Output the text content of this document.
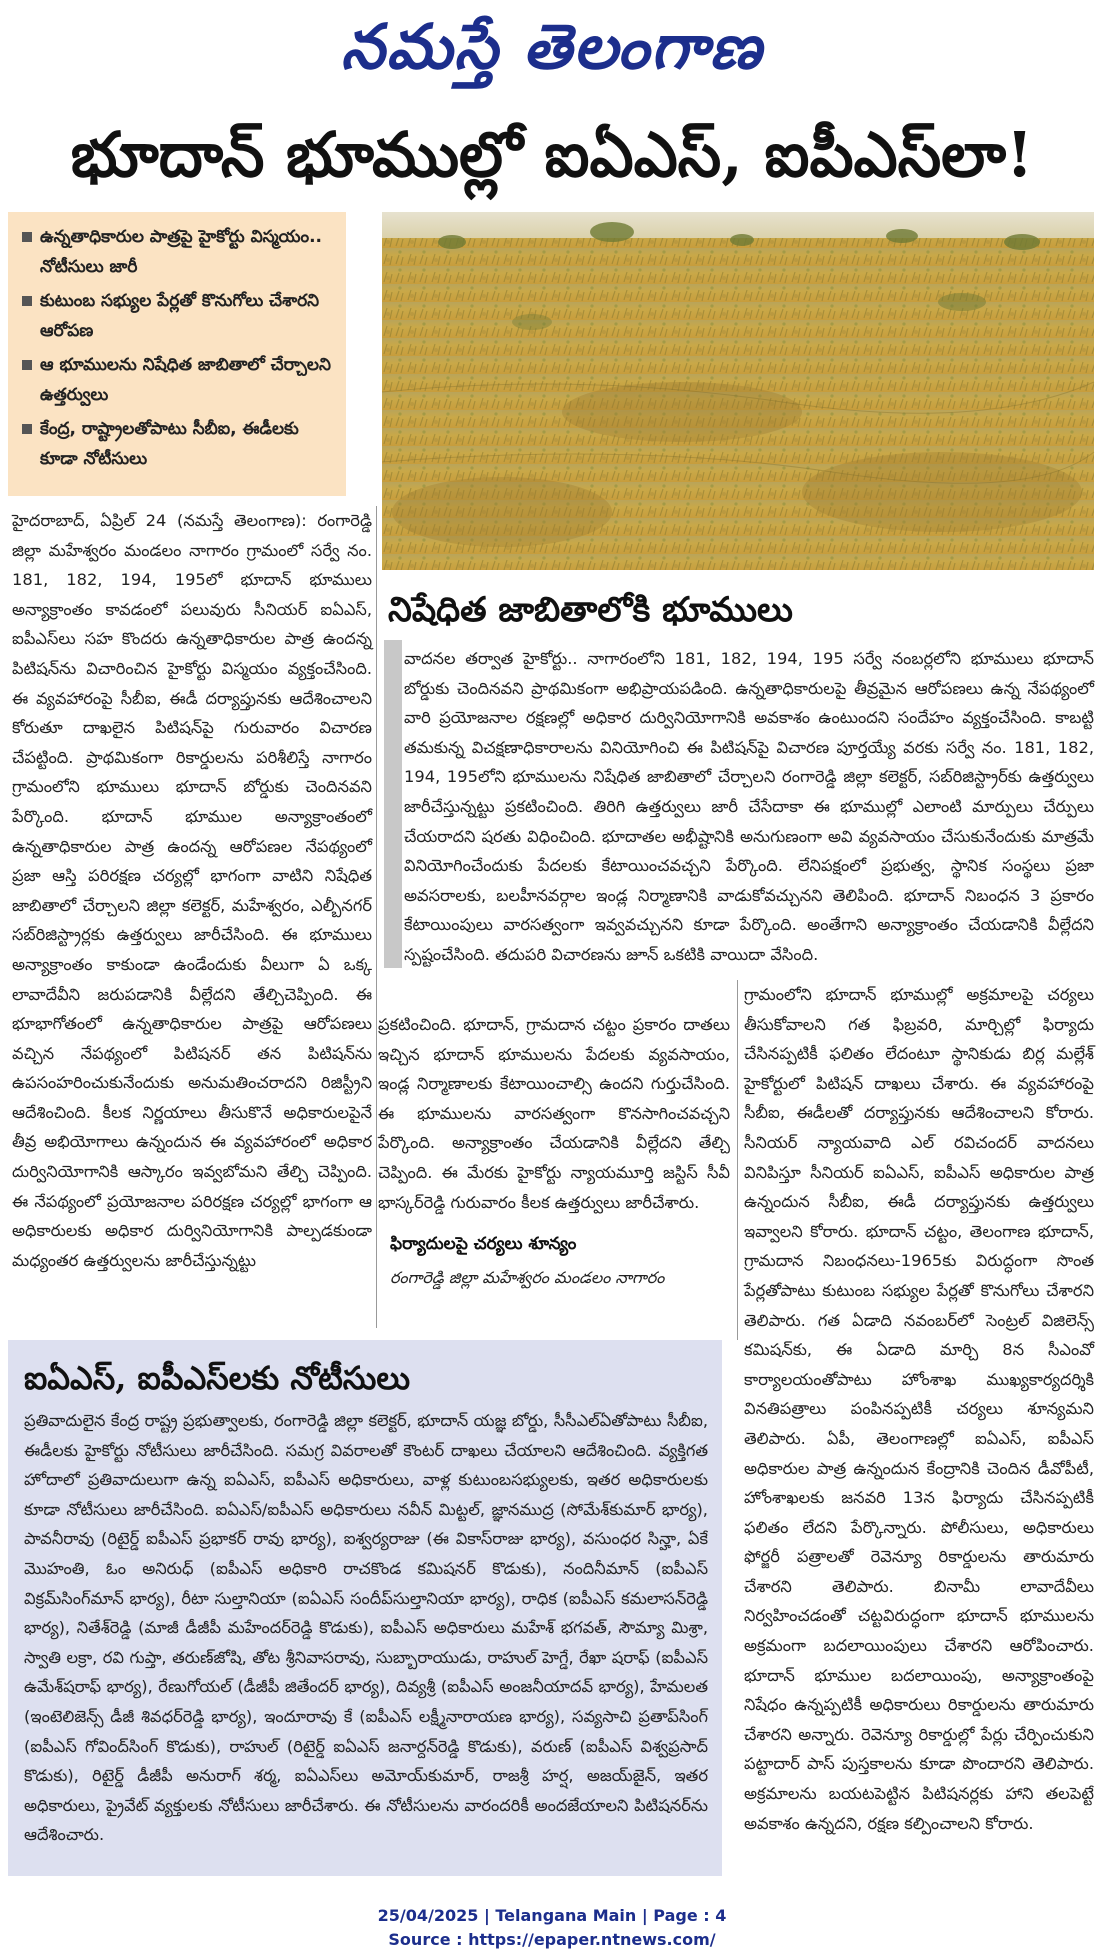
నమస్తే తెలంగాణ
భూదాన్ భూముల్లో ఐఏఎస్, ఐపీఎస్‌లా!
ఉన్నతాధికారుల పాత్రపై హైకోర్టు విస్మయం.. నోటీసులు జారీ
కుటుంబ సభ్యుల పేర్లతో కొనుగోలు చేశారని ఆరోపణ
ఆ భూములను నిషేధిత జాబితాలో చేర్చాలని ఉత్తర్వులు
కేంద్ర, రాష్ట్రాలతోపాటు సీబీఐ, ఈడీలకు కూడా నోటీసులు
హైదరాబాద్, ఏప్రిల్ 24 (నమస్తే తెలంగాణ): రంగారెడ్డి జిల్లా మహేశ్వరం మండలం నాగారం గ్రామంలో సర్వే నం. 181, 182, 194, 195లో భూదాన్ భూములు అన్యాక్రాంతం కావడంలో పలువురు సీనియర్ ఐఏఎస్, ఐపీఎస్‌లు సహ కొందరు ఉన్నతాధికారుల పాత్ర ఉందన్న పిటిషన్‌ను విచారించిన హైకోర్టు విస్మయం వ్యక్తంచేసింది. ఈ వ్యవహారంపై సీబీఐ, ఈడీ దర్యాప్తునకు ఆదేశించాలని కోరుతూ దాఖలైన పిటిషన్‌పై గురువారం విచారణ చేపట్టింది. ప్రాథమికంగా రికార్డులను పరిశీలిస్తే నాగారం గ్రామంలోని భూములు భూదాన్ బోర్డుకు చెందినవని పేర్కొంది. భూదాన్ భూముల అన్యాక్రాంతంలో ఉన్నతాధికారుల పాత్ర ఉందన్న ఆరోపణల నేపథ్యంలో ప్రజా ఆస్తి పరిరక్షణ చర్యల్లో భాగంగా వాటిని నిషేధిత జాబితాలో చేర్చాలని జిల్లా కలెక్టర్, మహేశ్వరం, ఎల్బీనగర్ సబ్‌రిజిస్ట్రార్లకు ఉత్తర్వులు జారీచేసింది. ఈ భూములు అన్యాక్రాంతం కాకుండా ఉండేందుకు వీలుగా ఏ ఒక్క లావాదేవీని జరుపడానికి వీల్లేదని తేల్చిచెప్పింది. ఈ భూభాగోతంలో ఉన్నతాధికారుల పాత్రపై ఆరోపణలు వచ్చిన నేపథ్యంలో పిటిషనర్ తన పిటిషన్‌ను ఉపసంహరించుకునేందుకు అనుమతించరాదని రిజిస్ట్రీని ఆదేశించింది. కీలక నిర్ణయాలు తీసుకొనే అధికారులపైనే తీవ్ర అభియోగాలు ఉన్నందున ఈ వ్యవహారంలో అధికార దుర్వినియోగానికి ఆస్కారం ఇవ్వబోమని తేల్చి చెప్పింది. ఈ నేపథ్యంలో ప్రయోజనాల పరిరక్షణ చర్యల్లో భాగంగా ఆ అధికారులకు అధికార దుర్వినియోగానికి పాల్పడకుండా మధ్యంతర ఉత్తర్వులను జారీచేస్తున్నట్టు
నిషేధిత జాబితాలోకి భూములు
వాదనల తర్వాత హైకోర్టు.. నాగారంలోని 181, 182, 194, 195 సర్వే నంబర్లలోని భూములు భూదాన్ బోర్డుకు చెందినవని ప్రాథమికంగా అభిప్రాయపడింది. ఉన్నతాధికారులపై తీవ్రమైన ఆరోపణలు ఉన్న నేపథ్యంలో వారి ప్రయోజనాల రక్షణల్లో అధికార దుర్వినియోగానికి అవకాశం ఉంటుందని సందేహం వ్యక్తంచేసింది. కాబట్టి తమకున్న విచక్షణాధికారాలను వినియోగించి ఈ పిటిషన్‌పై విచారణ పూర్తయ్యే వరకు సర్వే నం. 181, 182, 194, 195లోని భూములను నిషేధిత జాబితాలో చేర్చాలని రంగారెడ్డి జిల్లా కలెక్టర్, సబ్‌రిజిస్ట్రార్‌కు ఉత్తర్వులు జారీచేస్తున్నట్టు ప్రకటించింది. తిరిగి ఉత్తర్వులు జారీ చేసేదాకా ఈ భూముల్లో ఎలాంటి మార్పులు చేర్పులు చేయరాదని షరతు విధించింది. భూదాతల అభీష్టానికి అనుగుణంగా అవి వ్యవసాయం చేసుకునేందుకు మాత్రమే వినియోగించేందుకు పేదలకు కేటాయించవచ్చని పేర్కొంది. లేనిపక్షంలో ప్రభుత్వ, స్థానిక సంస్థలు ప్రజా అవసరాలకు, బలహీనవర్గాల ఇండ్ల నిర్మాణానికి వాడుకోవచ్చునని తెలిపింది. భూదాన్ నిబంధన 3 ప్రకారం కేటాయింపులు వారసత్వంగా ఇవ్వవచ్చునని కూడా పేర్కొంది. అంతేగాని అన్యాక్రాంతం చేయడానికి వీల్లేదని స్పష్టంచేసింది. తదుపరి విచారణను జూన్ ఒకటికి వాయిదా వేసింది.
ప్రకటించింది. భూదాన్, గ్రామదాన చట్టం ప్రకారం దాతలు ఇచ్చిన భూదాన్ భూములను పేదలకు వ్యవసాయం, ఇండ్ల నిర్మాణాలకు కేటాయించాల్సి ఉందని గుర్తుచేసింది. ఈ భూములను వారసత్వంగా కొనసాగించవచ్చని పేర్కొంది. అన్యాక్రాంతం చేయడానికి వీల్లేదని తేల్చి చెప్పింది. ఈ మేరకు హైకోర్టు న్యాయమూర్తి జస్టిస్ సీవీ భాస్కర్‌రెడ్డి గురువారం కీలక ఉత్తర్వులు జారీచేశారు.
ఫిర్యాదులపై చర్యలు శూన్యం
రంగారెడ్డి జిల్లా మహేశ్వరం మండలం నాగారం
గ్రామంలోని భూదాన్ భూముల్లో అక్రమాలపై చర్యలు తీసుకోవాలని గత ఫిబ్రవరి, మార్చిల్లో ఫిర్యాదు చేసినప్పటికీ ఫలితం లేదంటూ స్థానికుడు బిర్ల మల్లేశ్ హైకోర్టులో పిటిషన్ దాఖలు చేశారు. ఈ వ్యవహారంపై సీబీఐ, ఈడీలతో దర్యాప్తునకు ఆదేశించాలని కోరారు. సీనియర్ న్యాయవాది ఎల్ రవిచందర్ వాదనలు వినిపిస్తూ సీనియర్ ఐఏఎస్, ఐపీఎస్ అధికారుల పాత్ర ఉన్నందున సీబీఐ, ఈడీ దర్యాప్తునకు ఉత్తర్వులు ఇవ్వాలని కోరారు. భూదాన్ చట్టం, తెలంగాణ భూదాన్, గ్రామదాన నిబంధనలు-1965కు విరుద్ధంగా సొంత పేర్లతోపాటు కుటుంబ సభ్యుల పేర్లతో కొనుగోలు చేశారని తెలిపారు. గత ఏడాది నవంబర్‌లో సెంట్రల్ విజిలెన్స్ కమిషన్‌కు, ఈ ఏడాది మార్చి 8న సీఎంవో కార్యాలయంతోపాటు హోంశాఖ ముఖ్యకార్యదర్శికి వినతిపత్రాలు పంపినప్పటికీ చర్యలు శూన్యమని తెలిపారు. ఏపీ, తెలంగాణల్లో ఐఏఎస్, ఐపీఎస్ అధికారుల పాత్ర ఉన్నందున కేంద్రానికి చెందిన డీవోపీటీ, హోంశాఖలకు జనవరి 13న ఫిర్యాదు చేసినప్పటికీ ఫలితం లేదని పేర్కొన్నారు. పోలీసులు, అధికారులు ఫోర్జరీ పత్రాలతో రెవెన్యూ రికార్డులను తారుమారు చేశారని తెలిపారు. బినామీ లావాదేవీలు నిర్వహించడంతో చట్టవిరుద్ధంగా భూదాన్ భూములను అక్రమంగా బదలాయింపులు చేశారని ఆరోపించారు. భూదాన్ భూముల బదలాయింపు, అన్యాక్రాంతంపై నిషేధం ఉన్నప్పటికీ అధికారులు రికార్డులను తారుమారు చేశారని అన్నారు. రెవెన్యూ రికార్డుల్లో పేర్లు చేర్పించుకుని పట్టాదార్ పాస్ పుస్తకాలను కూడా పొందారని తెలిపారు. అక్రమాలను బయటపెట్టిన పిటిషనర్లకు హాని తలపెట్టే అవకాశం ఉన్నదని, రక్షణ కల్పించాలని కోరారు.
ఐఏఎస్, ఐపీఎస్‌లకు నోటీసులు
ప్రతివాదులైన కేంద్ర రాష్ట్ర ప్రభుత్వాలకు, రంగారెడ్డి జిల్లా కలెక్టర్, భూదాన్ యజ్ఞ బోర్డు, సీసీఎల్ఏతోపాటు సీబీఐ, ఈడీలకు హైకోర్టు నోటీసులు జారీచేసింది. సమగ్ర వివరాలతో కౌంటర్ దాఖలు చేయాలని ఆదేశించింది. వ్యక్తిగత హోదాలో ప్రతివాదులుగా ఉన్న ఐఏఎస్, ఐపీఎస్ అధికారులు, వాళ్ల కుటుంబసభ్యులకు, ఇతర అధికారులకు కూడా నోటీసులు జారీచేసింది. ఐఏఎస్/ఐపీఎస్ అధికారులు నవీన్ మిట్టల్, జ్ఞానముద్ర (సోమేశ్‌కుమార్ భార్య), పావనీరావు (రిటైర్డ్ ఐపీఎస్ ప్రభాకర్ రావు భార్య), ఐశ్వర్యరాజు (ఈ వికాస్‌రాజు భార్య), వసుంధర సిన్హా, ఏకే మొహంతి, ఓం అనిరుధ్ (ఐపీఎస్ అధికారి రాచకొండ కమిషనర్ కొడుకు), నందినీమాన్ (ఐపీఎస్ విక్రమ్‌సింగ్‌మాన్ భార్య), రీటా సుల్తానియా (ఐఏఎస్ సందీప్‌సుల్తానియా భార్య), రాధిక (ఐపీఎస్ కమలాసన్‌రెడ్డి భార్య), నితేశ్‌రెడ్డి (మాజీ డీజీపీ మహేందర్‌రెడ్డి కొడుకు), ఐపీఎస్ అధికారులు మహేశ్ భగవత్, సౌమ్యా మిశ్రా, స్వాతి లక్రా, రవి గుప్తా, తరుణ్‌జోషి, తోట శ్రీనివాసరావు, సుబ్బారాయుడు, రాహుల్ హెగ్డే, రేఖా షరాఫ్ (ఐపీఎస్ ఉమేశ్‌షరాఫ్ భార్య), రేణుగోయల్ (డీజీపీ జితేందర్ భార్య), దివ్యశ్రీ (ఐపీఎస్ అంజనీయాదవ్ భార్య), హేమలత (ఇంటెలిజెన్స్ డీజీ శివధర్‌రెడ్డి భార్య), ఇందూరావు కే (ఐపీఎస్ లక్ష్మీనారాయణ భార్య), సవ్యసాచి ప్రతాప్‌సింగ్ (ఐపీఎస్ గోవింద్‌సింగ్ కొడుకు), రాహుల్ (రిటైర్డ్ ఐఏఎస్ జనార్దన్‌రెడ్డి కొడుకు), వరుణ్ (ఐపీఎస్ విశ్వప్రసాద్ కొడుకు), రిటైర్డ్ డీజీపీ అనురాగ్ శర్మ, ఐఏఎస్‌లు అమోయ్‌కుమార్, రాజశ్రీ హర్ష, అజయ్‌జైన్, ఇతర అధికారులు, ప్రైవేట్ వ్యక్తులకు నోటీసులు జారీచేశారు. ఈ నోటీసులను వారందరికీ అందజేయాలని పిటిషనర్‌ను ఆదేశించారు.
25/04/2025 | Telangana Main | Page : 4
Source : https://epaper.ntnews.com/
